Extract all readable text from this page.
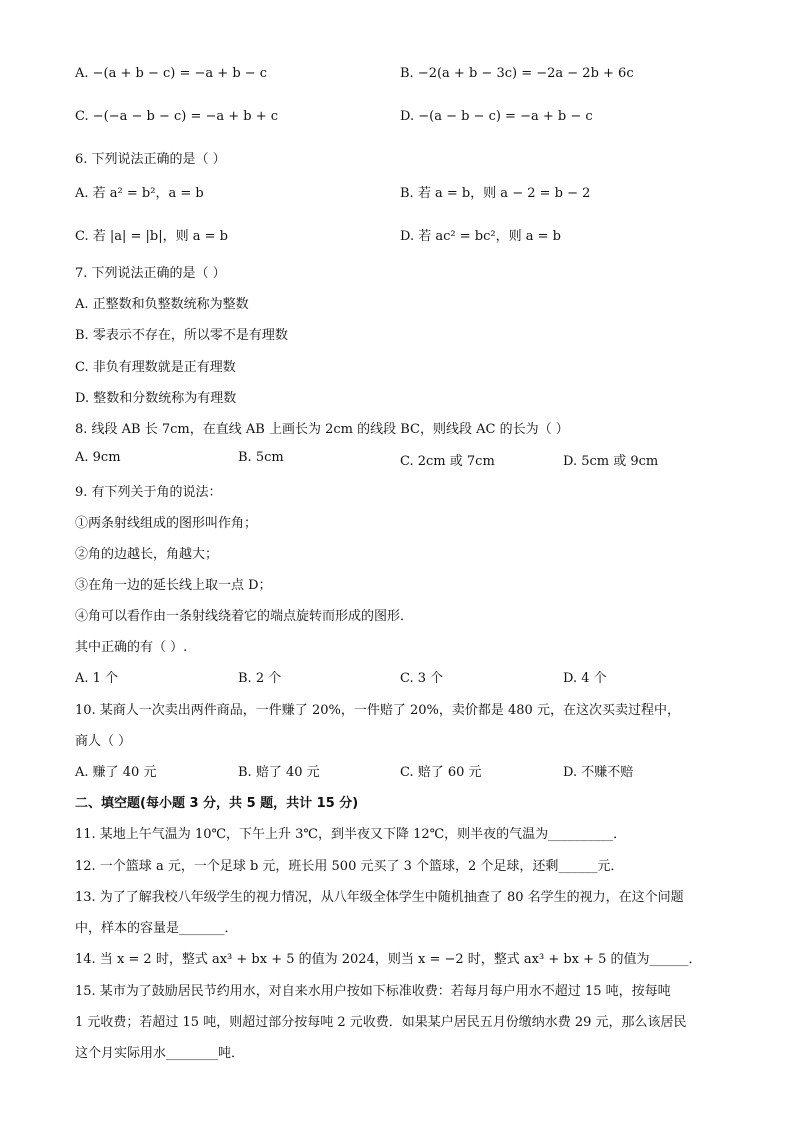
A. −(a + b − c) = −a + b − c	B. −2(a + b − 3c) = −2a − 2b + 6c
C. −(−a − b − c) = −a + b + c	D. −(a − b − c) = −a + b − c
6. 下列说法正确的是（ ）
A. 若 a² = b²，a = b	B. 若 a = b，则 a − 2 = b − 2
C. 若 |a| = |b|，则 a = b	D. 若 ac² = bc²，则 a = b
7. 下列说法正确的是（ ）
A. 正整数和负整数统称为整数
B. 零表示不存在，所以零不是有理数
C. 非负有理数就是正有理数
D. 整数和分数统称为有理数
8. 线段 AB 长 7cm，在直线 AB 上画长为 2cm 的线段 BC，则线段 AC 的长为（ ）
A. 9cm	B. 5cm	C. 2cm 或 7cm	D. 5cm 或 9cm
9. 有下列关于角的说法：
①两条射线组成的图形叫作角；
②角的边越长，角越大；
③在角一边的延长线上取一点 D；
④角可以看作由一条射线绕着它的端点旋转而形成的图形．
其中正确的有（ ）.
A. 1 个	B. 2 个	C. 3 个	D. 4 个
10. 某商人一次卖出两件商品，一件赚了 20%，一件赔了 20%，卖价都是 480 元，在这次买卖过程中，
商人（ ）
A. 赚了 40 元	B. 赔了 40 元	C. 赔了 60 元	D. 不赚不赔
二、填空题(每小题 3 分，共 5 题，共计 15 分)
11. 某地上午气温为 10℃，下午上升 3℃，到半夜又下降 12℃，则半夜的气温为__________．
12. 一个篮球 a 元，一个足球 b 元，班长用 500 元买了 3 个篮球，2 个足球，还剩______元．
13. 为了了解我校八年级学生的视力情况，从八年级全体学生中随机抽查了 80 名学生的视力，在这个问题
中，样本的容量是_______．
14. 当 x = 2 时，整式 ax³ + bx + 5 的值为 2024，则当 x = −2 时，整式 ax³ + bx + 5 的值为______．
15. 某市为了鼓励居民节约用水，对自来水用户按如下标准收费：若每月每户用水不超过 15 吨，按每吨
1 元收费；若超过 15 吨，则超过部分按每吨 2 元收费．如果某户居民五月份缴纳水费 29 元，那么该居民
这个月实际用水________吨．
